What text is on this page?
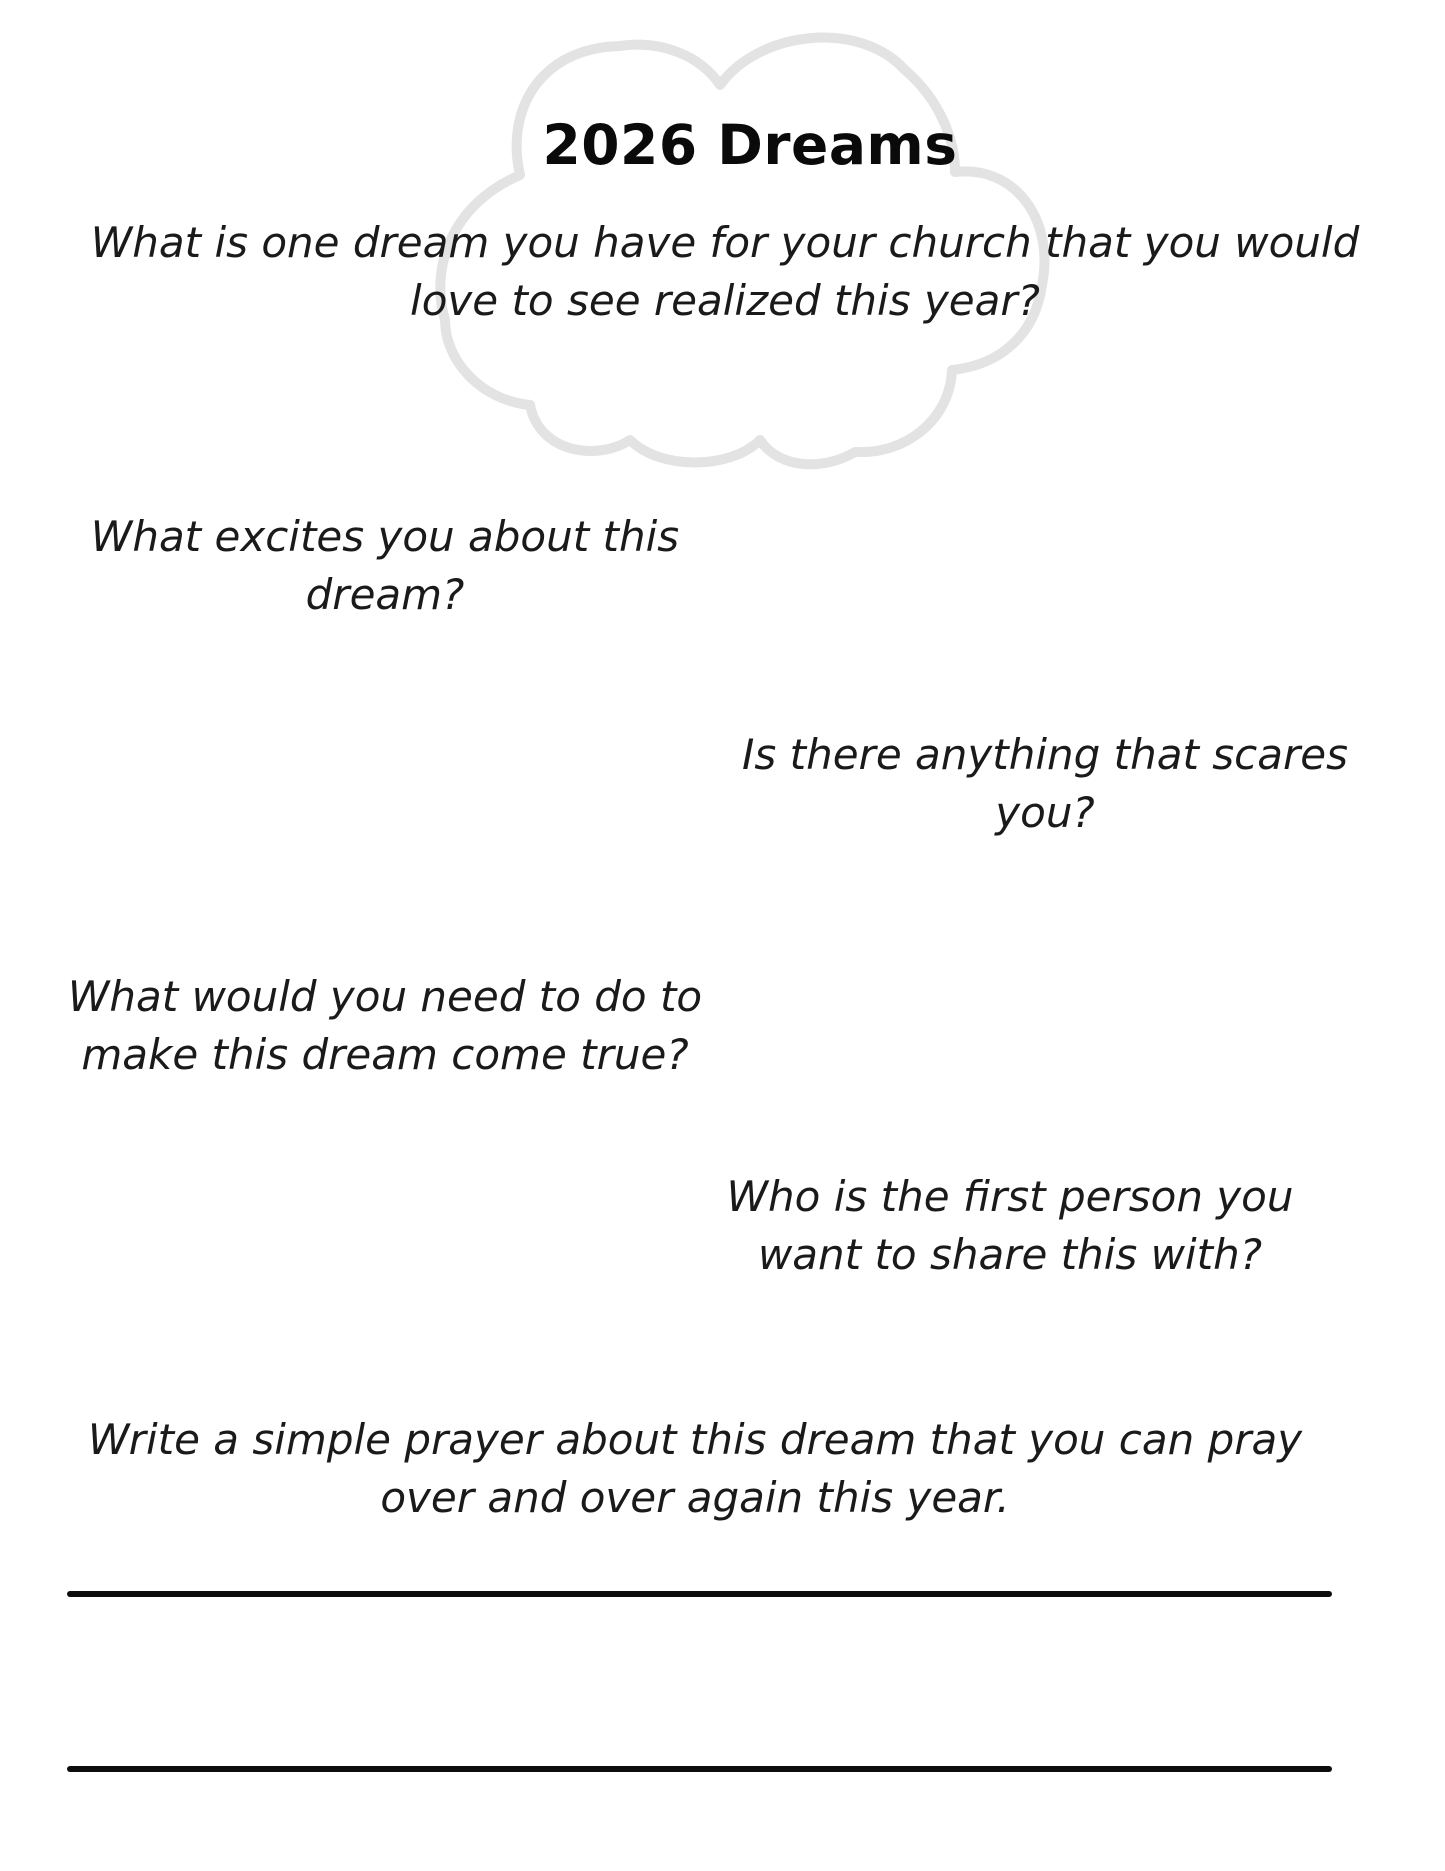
2026 Dreams
What is one dream you have for your church that you would love to see realized this year?
What excites you about this dream?
Is there anything that scares you?
What would you need to do to make this dream come true?
Who is the first person you want to share this with?
Write a simple prayer about this dream that you can pray over and over again this year.
